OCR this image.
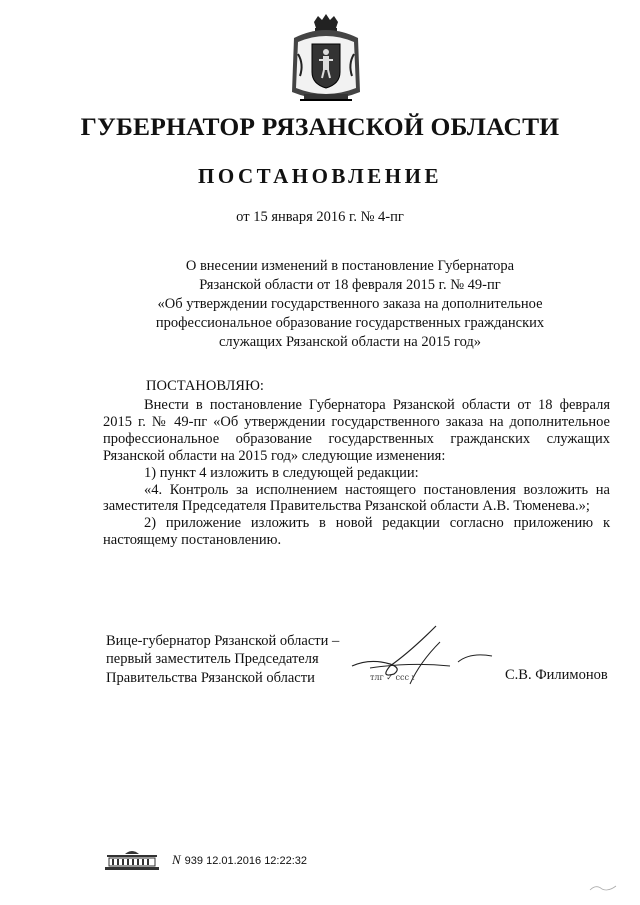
ГУБЕРНАТОР РЯЗАНСКОЙ ОБЛАСТИ
ПОСТАНОВЛЕНИЕ
от 15 января 2016 г. № 4-пг
О внесении изменений в постановление Губернатора
Рязанской области от 18 февраля 2015 г. № 49-пг
«Об утверждении государственного заказа на дополнительное
профессиональное образование государственных гражданских
служащих Рязанской области на 2015 год»
ПОСТАНОВЛЯЮ:

Внести в постановление Губернатора Рязанской области от 18 февраля 2015 г. № 49-пг «Об утверждении государственного заказа на дополнительное профессиональное образование государственных гражданских служащих Рязанской области на 2015 год» следующие изменения:

1) пункт 4 изложить в следующей редакции:

«4. Контроль за исполнением настоящего постановления возложить на заместителя Председателя Правительства Рязанской области А.В. Тюменева.»;

2) приложение изложить в новой редакции согласно приложению к настоящему постановлению.

Вице-губернатор Рязанской области –
первый заместитель Председателя
Правительства Рязанской области	тлг ✓ ссс ι	С.В. Филимонов
N 939 12.01.2016 12:22:32
